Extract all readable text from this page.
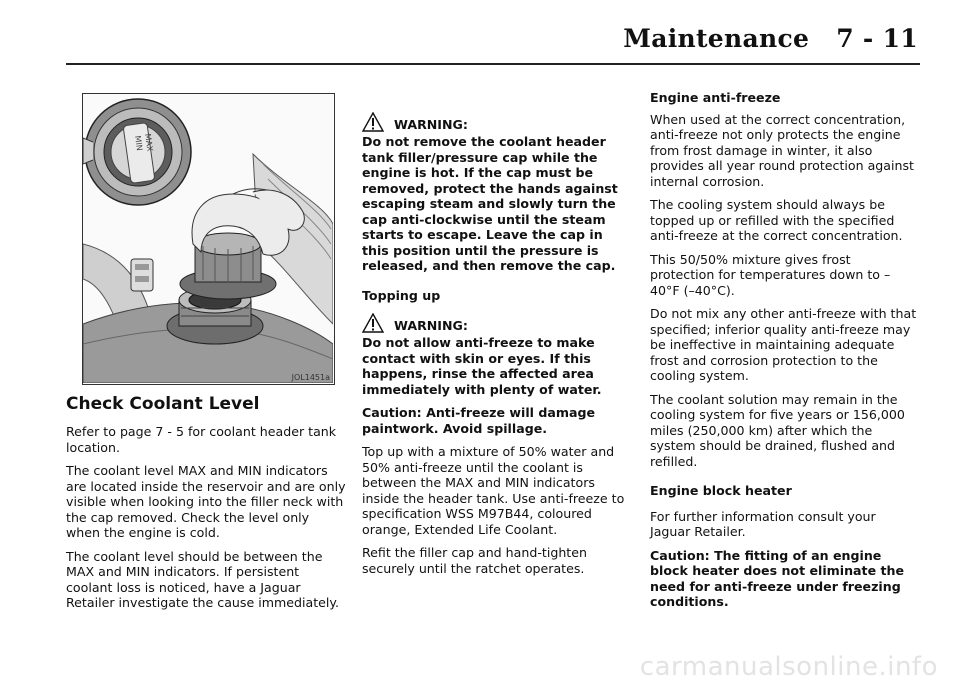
Maintenance 7 - 11
MAX
MIN
JOL1451a
Check Coolant Level

Refer to page 7 - 5 for coolant header tank location.

The coolant level MAX and MIN indicators are located inside the reservoir and are only visible when looking into the filler neck with the cap removed. Check the level only when the engine is cold.

The coolant level should be between the MAX and MIN indicators. If persistent coolant loss is noticed, have a Jaguar Retailer investigate the cause immediately.

WARNING:

Do not remove the coolant header tank filler/pressure cap while the engine is hot. If the cap must be removed, protect the hands against escaping steam and slowly turn the cap anti-clockwise until the steam starts to escape. Leave the cap in this position until the pressure is released, and then remove the cap.

Topping up

WARNING:

Do not allow anti-freeze to make contact with skin or eyes. If this happens, rinse the affected area immediately with plenty of water.

Caution: Anti-freeze will damage paintwork. Avoid spillage.

Top up with a mixture of 50% water and 50% anti-freeze until the coolant is between the MAX and MIN indicators inside the header tank. Use anti-freeze to specification WSS M97B44, coloured orange, Extended Life Coolant.

Refit the filler cap and hand-tighten securely until the ratchet operates.

Engine anti-freeze

When used at the correct concentration, anti-freeze not only protects the engine from frost damage in winter, it also provides all year round protection against internal corrosion.

The cooling system should always be topped up or refilled with the specified anti-freeze at the correct concentration.

This 50/50% mixture gives frost protection for temperatures down to –40°F (–40°C).

Do not mix any other anti-freeze with that specified; inferior quality anti-freeze may be ineffective in maintaining adequate frost and corrosion protection to the cooling system.

The coolant solution may remain in the cooling system for five years or 156,000 miles (250,000 km) after which the system should be drained, flushed and refilled.

Engine block heater

For further information consult your Jaguar Retailer.

Caution: The fitting of an engine block heater does not eliminate the need for anti-freeze under freezing conditions.

carmanualsonline.info
